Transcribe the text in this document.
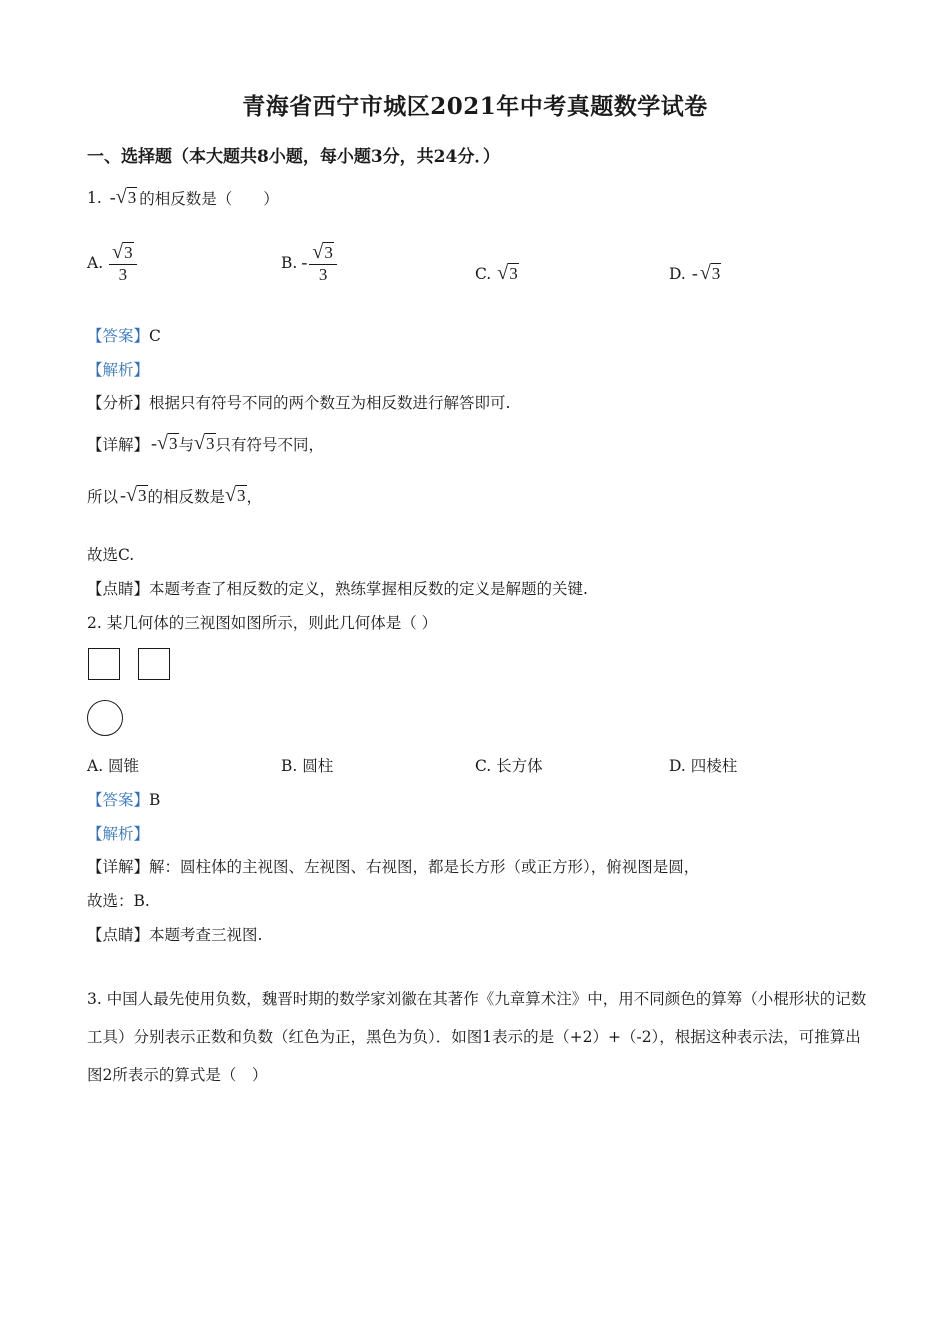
青海省西宁市城区2021年中考真题数学试卷
一、选择题（本大题共8小题，每小题3分，共24分．）
1. -√3 的相反数是（　　）
A. $\frac{√3}{3}$	B. - $\frac{√3}{3}$	C. √3	D. - √3
【答案】C
【解析】
【分析】根据只有符号不同的两个数互为相反数进行解答即可.
【详解】 -√3 与 √3 只有符号不同，
所以 -√3 的相反数是 √3 ，
故选C.
【点睛】本题考查了相反数的定义，熟练掌握相反数的定义是解题的关键.
2. 某几何体的三视图如图所示，则此几何体是（ ）
A. 圆锥	B. 圆柱	C. 长方体	D. 四棱柱
【答案】B
【解析】
【详解】解：圆柱体的主视图、左视图、右视图，都是长方形（或正方形），俯视图是圆，
故选：B.
【点睛】本题考查三视图.
3. 中国人最先使用负数，魏晋时期的数学家刘徽在其著作《九章算术注》中，用不同颜色的算筹（小棍形状的记数工具）分别表示正数和负数（红色为正，黑色为负）．如图1表示的是（+2）+（-2），根据这种表示法，可推算出图2所表示的算式是（　）
